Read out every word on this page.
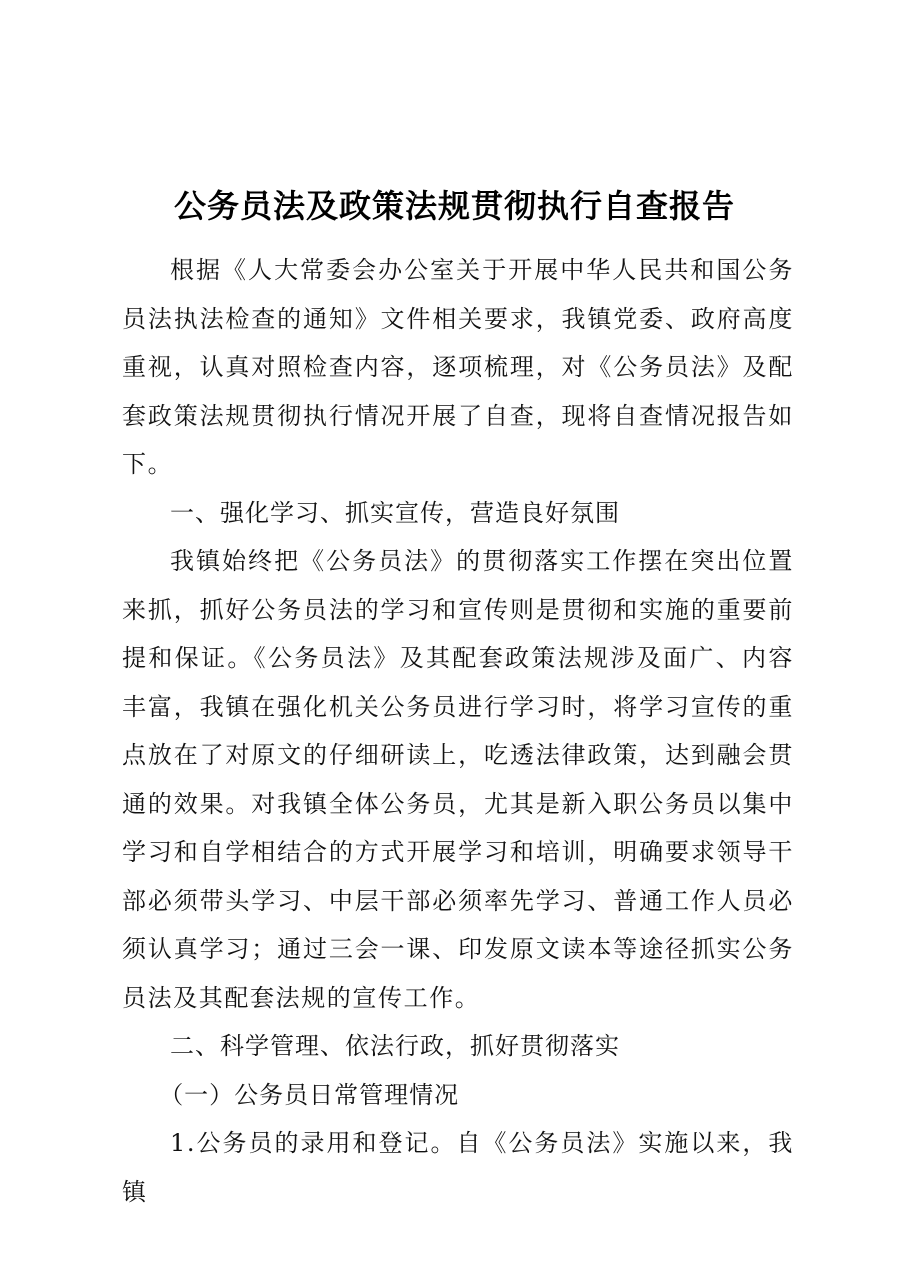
公务员法及政策法规贯彻执行自查报告

根据《人大常委会办公室关于开展中华人民共和国公务员法执法检查的通知》文件相关要求，我镇党委、政府高度重视，认真对照检查内容，逐项梳理，对《公务员法》及配套政策法规贯彻执行情况开展了自查，现将自查情况报告如下。

一、强化学习、抓实宣传，营造良好氛围

我镇始终把《公务员法》的贯彻落实工作摆在突出位置来抓，抓好公务员法的学习和宣传则是贯彻和实施的重要前提和保证。《公务员法》及其配套政策法规涉及面广、内容丰富，我镇在强化机关公务员进行学习时，将学习宣传的重点放在了对原文的仔细研读上，吃透法律政策，达到融会贯通的效果。对我镇全体公务员，尤其是新入职公务员以集中学习和自学相结合的方式开展学习和培训，明确要求领导干部必须带头学习、中层干部必须率先学习、普通工作人员必须认真学习；通过三会一课、印发原文读本等途径抓实公务员法及其配套法规的宣传工作。

二、科学管理、依法行政，抓好贯彻落实

（一）公务员日常管理情况

1.公务员的录用和登记。自《公务员法》实施以来，我镇
